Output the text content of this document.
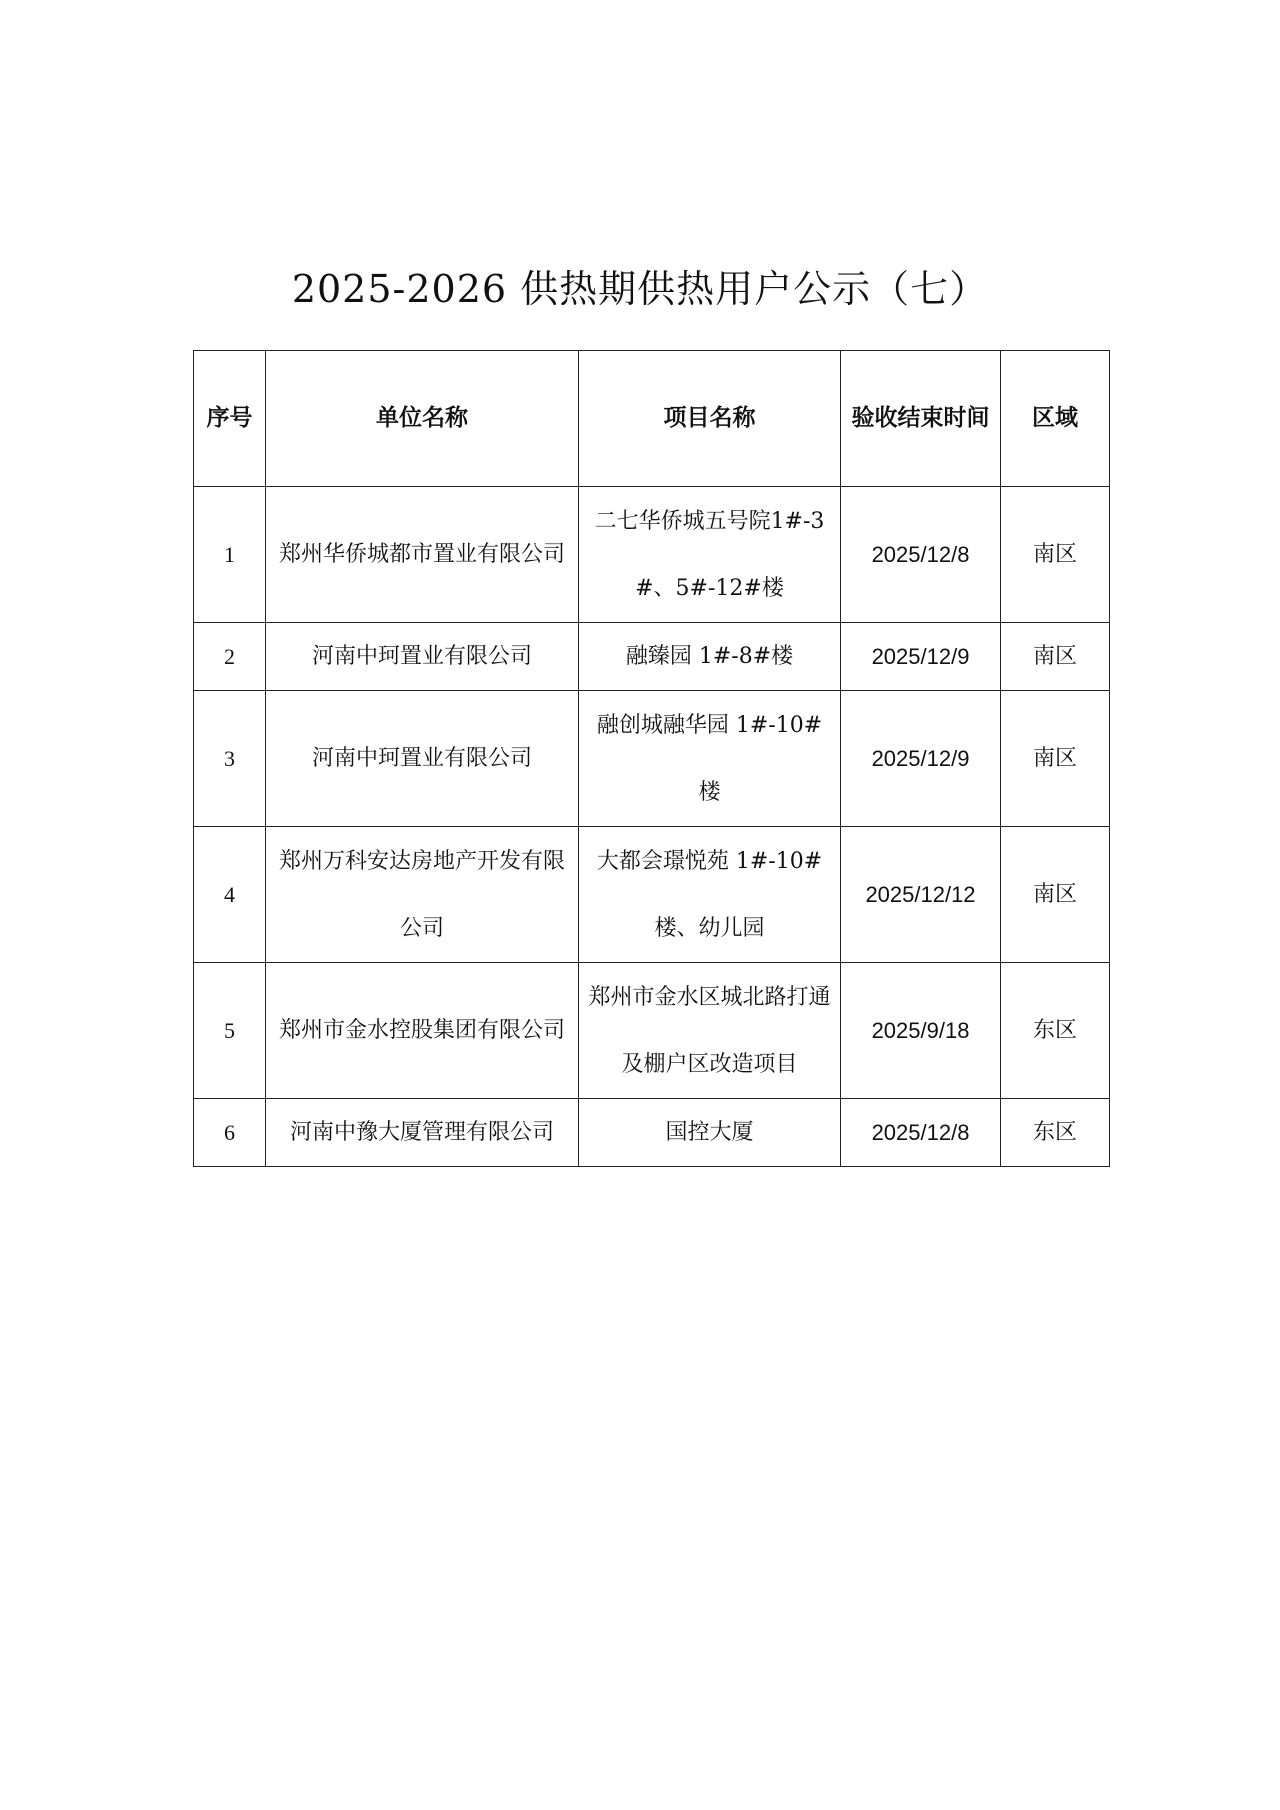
2025-2026 供热期供热用户公示（七）
序号	单位名称	项目名称	验收结束时间	区域
1	郑州华侨城都市置业有限公司	二七华侨城五号院1#-3#、5#-12#楼	2025/12/8	南区
2	河南中珂置业有限公司	融臻园 1#-8#楼	2025/12/9	南区
3	河南中珂置业有限公司	融创城融华园 1#-10#楼	2025/12/9	南区
4	郑州万科安达房地产开发有限公司	大都会璟悦苑 1#-10#楼、幼儿园	2025/12/12	南区
5	郑州市金水控股集团有限公司	郑州市金水区城北路打通及棚户区改造项目	2025/9/18	东区
6	河南中豫大厦管理有限公司	国控大厦	2025/12/8	东区
